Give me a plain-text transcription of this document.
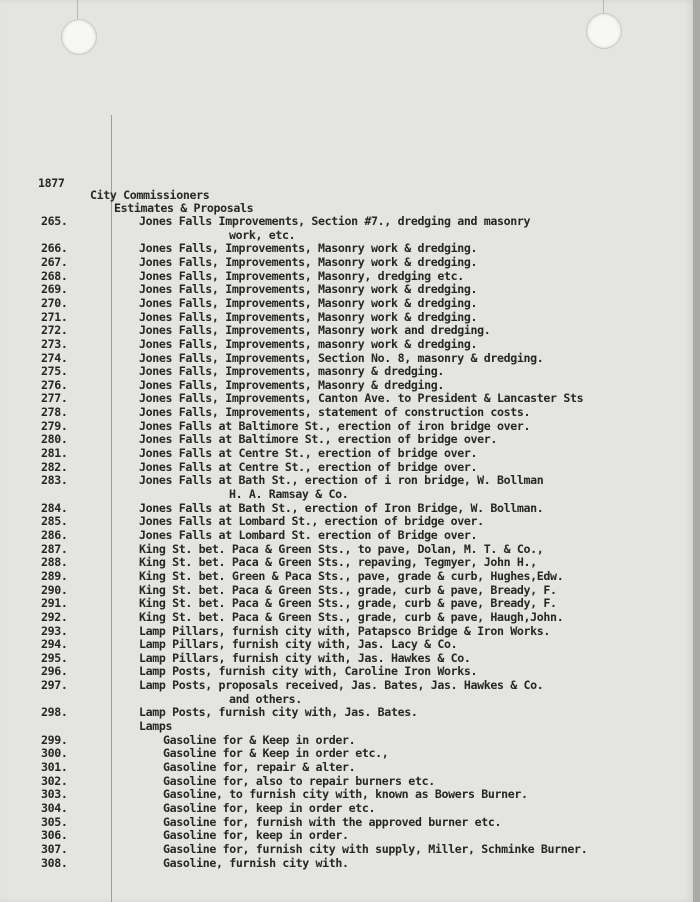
1877

City Commissioners

Estimates & Proposals

265.	Jones Falls Improvements, Section #7., dredging and masonry
work, etc.
266.	Jones Falls, Improvements, Masonry work & dredging.
267.	Jones Falls, Improvements, Masonry work & dredging.
268.	Jones Falls, Improvements, Masonry, dredging etc.
269.	Jones Falls, Improvements, Masonry work & dredging.
270.	Jones Falls, Improvements, Masonry work & dredging.
271.	Jones Falls, Improvements, Masonry work & dredging.
272.	Jones Falls, Improvements, Masonry work and dredging.
273.	Jones Falls, Improvements, masonry work & dredging.
274.	Jones Falls, Improvements, Section No. 8, masonry & dredging.
275.	Jones Falls, Improvements, masonry & dredging.
276.	Jones Falls, Improvements, Masonry & dredging.
277.	Jones Falls, Improvements, Canton Ave. to President & Lancaster Sts
278.	Jones Falls, Improvements, statement of construction costs.
279.	Jones Falls at Baltimore St., erection of iron bridge over.
280.	Jones Falls at Baltimore St., erection of bridge over.
281.	Jones Falls at Centre St., erection of bridge over.
282.	Jones Falls at Centre St., erection of bridge over.
283.	Jones Falls at Bath St., erection of i ron bridge, W. Bollman
H. A. Ramsay & Co.
284.	Jones Falls at Bath St., erection of Iron Bridge, W. Bollman.
285.	Jones Falls at Lombard St., erection of bridge over.
286.	Jones Falls at Lombard St. erection of Bridge over.
287.	King St. bet. Paca & Green Sts., to pave, Dolan, M. T. & Co.,
288.	King St. bet. Paca & Green Sts., repaving, Tegmyer, John H.,
289.	King St. bet. Green & Paca Sts., pave, grade & curb, Hughes,Edw.
290.	King St. bet. Paca & Green Sts., grade, curb & pave, Bready, F.
291.	King St. bet. Paca & Green Sts., grade, curb & pave, Bready, F.
292.	King St. bet. Paca & Green Sts., grade, curb & pave, Haugh,John.
293.	Lamp Pillars, furnish city with, Patapsco Bridge & Iron Works.
294.	Lamp Pillars, furnish city with, Jas. Lacy & Co.
295.	Lamp Pillars, furnish city with, Jas. Hawkes & Co.
296.	Lamp Posts, furnish city with, Caroline Iron Works.
297.	Lamp Posts, proposals received, Jas. Bates, Jas. Hawkes & Co.
and others.
298.	Lamp Posts, furnish city with, Jas. Bates.
Lamps
299.	Gasoline for & Keep in order.
300.	Gasoline for & Keep in order etc.,
301.	Gasoline for, repair & alter.
302.	Gasoline for, also to repair burners etc.
303.	Gasoline, to furnish city with, known as Bowers Burner.
304.	Gasoline for, keep in order etc.
305.	Gasoline for, furnish with the approved burner etc.
306.	Gasoline for, keep in order.
307.	Gasoline for, furnish city with supply, Miller, Schminke Burner.
308.	Gasoline, furnish city with.
